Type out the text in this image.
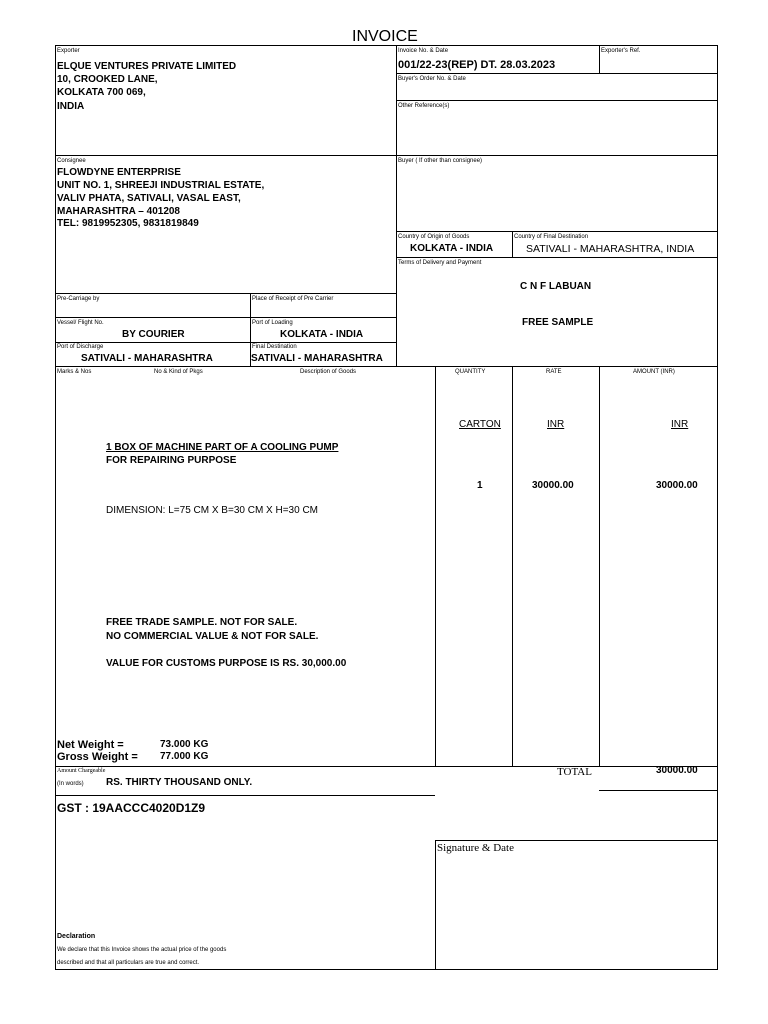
INVOICE
Exporter
ELQUE VENTURES PRIVATE LIMITED
10, CROOKED LANE,
KOLKATA 700 069,
INDIA
Invoice No. & Date
001/22-23(REP) DT. 28.03.2023
Exporter's Ref.
Buyer's Order No. & Date
Other Reference(s)
Consignee
FLOWDYNE ENTERPRISE
UNIT NO. 1, SHREEJI INDUSTRIAL ESTATE,
VALIV PHATA, SATIVALI, VASAL EAST,
MAHARASHTRA – 401208
TEL: 9819952305, 9831819849
Buyer ( If other than consignee)
Country of Origin of Goods
KOLKATA - INDIA
Country of Final Destination
SATIVALI - MAHARASHTRA, INDIA
Terms of Delivery and Payment
C N F LABUAN
FREE SAMPLE
Pre-Carriage by	Place of Receipt of Pre Carrier
Vessel/ Flight No.
BY COURIER
Port of Loading
KOLKATA - INDIA
Port of Discharge
SATIVALI - MAHARASHTRA
Final Destination
SATIVALI - MAHARASHTRA
Marks & Nos	No & Kind of Pkgs	Description of Goods	QUANTITY	RATE	AMOUNT (INR)
CARTON	INR	INR
1 BOX OF MACHINE PART OF A COOLING PUMP
FOR REPAIRING PURPOSE
1	30000.00	30000.00
DIMENSION: L=75 CM X B=30 CM X H=30 CM
FREE TRADE SAMPLE. NOT FOR SALE.
NO COMMERCIAL VALUE & NOT FOR SALE.
VALUE FOR CUSTOMS PURPOSE IS RS. 30,000.00
Net Weight =	73.000 KG
Gross Weight = 77.000 KG
TOTAL	30000.00
Amount Chargeable
(In words) RS. THIRTY THOUSAND ONLY.
GST : 19AACCC4020D1Z9
Signature & Date
Declaration
We declare that this Invoice shows the actual price of the goods
described and that all particulars are true and correct.
